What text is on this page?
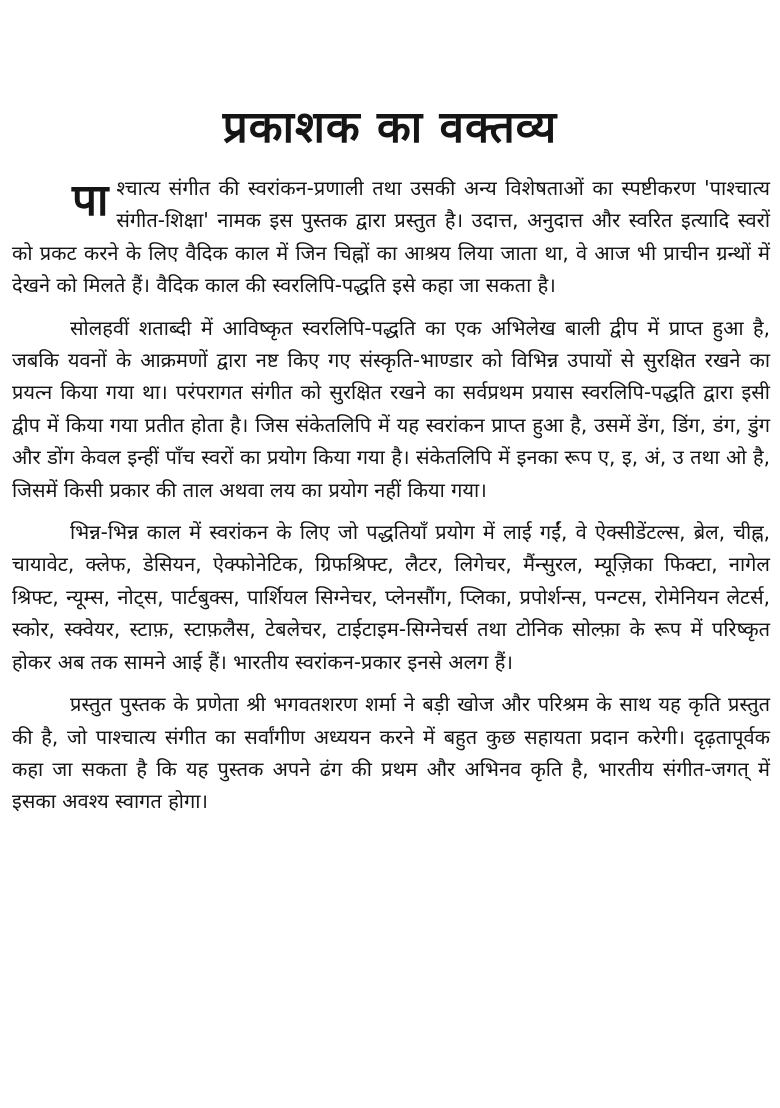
प्रकाशक का वक्तव्य

पाश्चात्य संगीत की स्वरांकन-प्रणाली तथा उसकी अन्य विशेषताओं का स्पष्टीकरण 'पाश्चात्य संगीत-शिक्षा' नामक इस पुस्तक द्वारा प्रस्तुत है। उदात्त, अनुदात्त और स्वरित इत्यादि स्वरों को प्रकट करने के लिए वैदिक काल में जिन चिह्नों का आश्रय लिया जाता था, वे आज भी प्राचीन ग्रन्थों में देखने को मिलते हैं। वैदिक काल की स्वरलिपि-पद्धति इसे कहा जा सकता है।

सोलहवीं शताब्दी में आविष्कृत स्वरलिपि-पद्धति का एक अभिलेख बाली द्वीप में प्राप्त हुआ है, जबकि यवनों के आक्रमणों द्वारा नष्ट किए गए संस्कृति-भाण्डार को विभिन्न उपायों से सुरक्षित रखने का प्रयत्न किया गया था। परंपरागत संगीत को सुरक्षित रखने का सर्वप्रथम प्रयास स्वरलिपि-पद्धति द्वारा इसी द्वीप में किया गया प्रतीत होता है। जिस संकेतलिपि में यह स्वरांकन प्राप्त हुआ है, उसमें डेंग, डिंग, डंग, डुंग और डोंग केवल इन्हीं पाँच स्वरों का प्रयोग किया गया है। संकेतलिपि में इनका रूप ए, इ, अं, उ तथा ओ है, जिसमें किसी प्रकार की ताल अथवा लय का प्रयोग नहीं किया गया।

भिन्न-भिन्न काल में स्वरांकन के लिए जो पद्धतियाँ प्रयोग में लाई गईं, वे ऐक्सीडेंटल्स, ब्रेल, चीह्न, चायावेट, क्लेफ, डेसियन, ऐक्फोनेटिक, ग्रिफश्रिफ्ट, लैटर, लिगेचर, मैंन्सुरल, म्यूज़िका फिक्टा, नागेल श्रिफ्ट, न्यूम्स, नोट्स, पार्टबुक्स, पार्शियल सिग्नेचर, प्लेनसौंग, प्लिका, प्रपोर्शन्स, पन्ग्टस, रोमेनियन लेटर्स, स्कोर, स्क्वेयर, स्टाफ़, स्टाफ़लैस, टेबलेचर, टाईटाइम-सिग्नेचर्स तथा टोनिक सोल्फ़ा के रूप में परिष्कृत होकर अब तक सामने आई हैं। भारतीय स्वरांकन-प्रकार इनसे अलग हैं।

प्रस्तुत पुस्तक के प्रणेता श्री भगवतशरण शर्मा ने बड़ी खोज और परिश्रम के साथ यह कृति प्रस्तुत की है, जो पाश्चात्य संगीत का सर्वांगीण अध्ययन करने में बहुत कुछ सहायता प्रदान करेगी। दृढ़तापूर्वक कहा जा सकता है कि यह पुस्तक अपने ढंग की प्रथम और अभिनव कृति है, भारतीय संगीत-जगत् में इसका अवश्य स्वागत होगा।
